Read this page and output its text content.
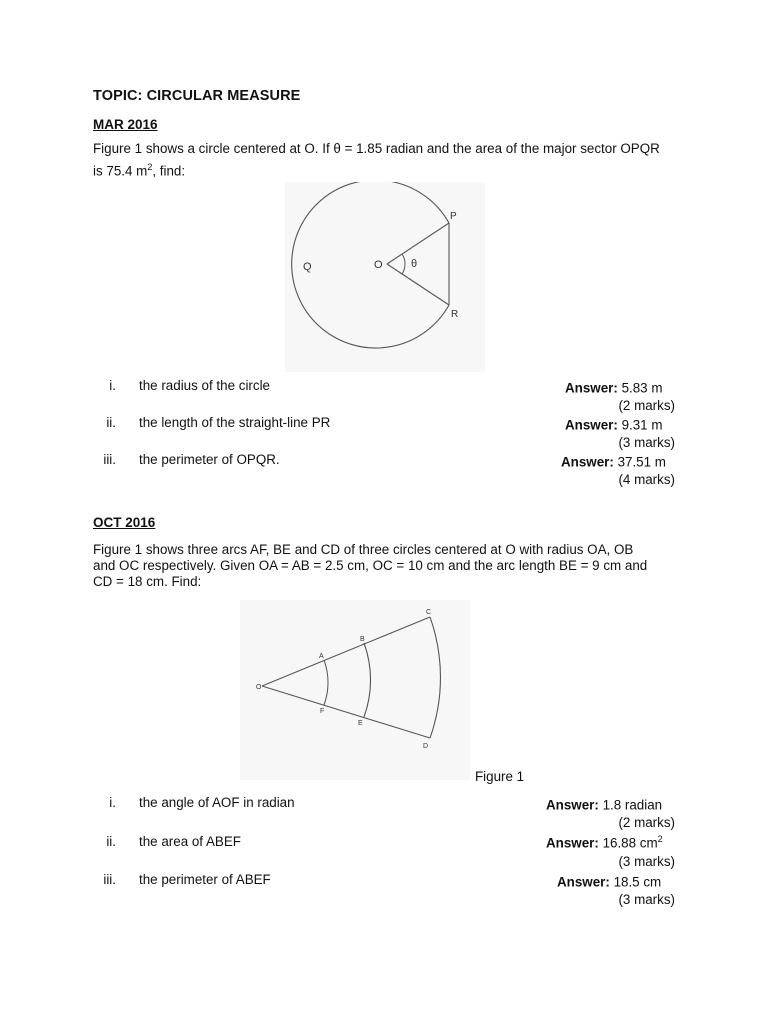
TOPIC: CIRCULAR MEASURE
MAR 2016
Figure 1 shows a circle centered at O. If θ = 1.85 radian and the area of the major sector OPQR
is 75.4 $m^2$, find:
O
P
Q
R
θ
i. the radius of the circle	Answer: 5.83 m
(2 marks)
ii. the length of the straight-line PR	Answer: 9.31 m
(3 marks)
iii. the perimeter of OPQR.	Answer: 37.51 m
(4 marks)
OCT 2016
Figure 1 shows three arcs AF, BE and CD of three circles centered at O with radius OA, OB
and OC respectively. Given OA = AB = 2.5 cm, OC = 10 cm and the arc length BE = 9 cm and
CD = 18 cm. Find:
O
A
B
C
D
E
F
Figure 1
i. the angle of AOF in radian	Answer: 1.8 radian
(2 marks)
ii. the area of ABEF	Answer: 16.88 $cm^2$
(3 marks)
iii. the perimeter of ABEF	Answer: 18.5 cm
(3 marks)
